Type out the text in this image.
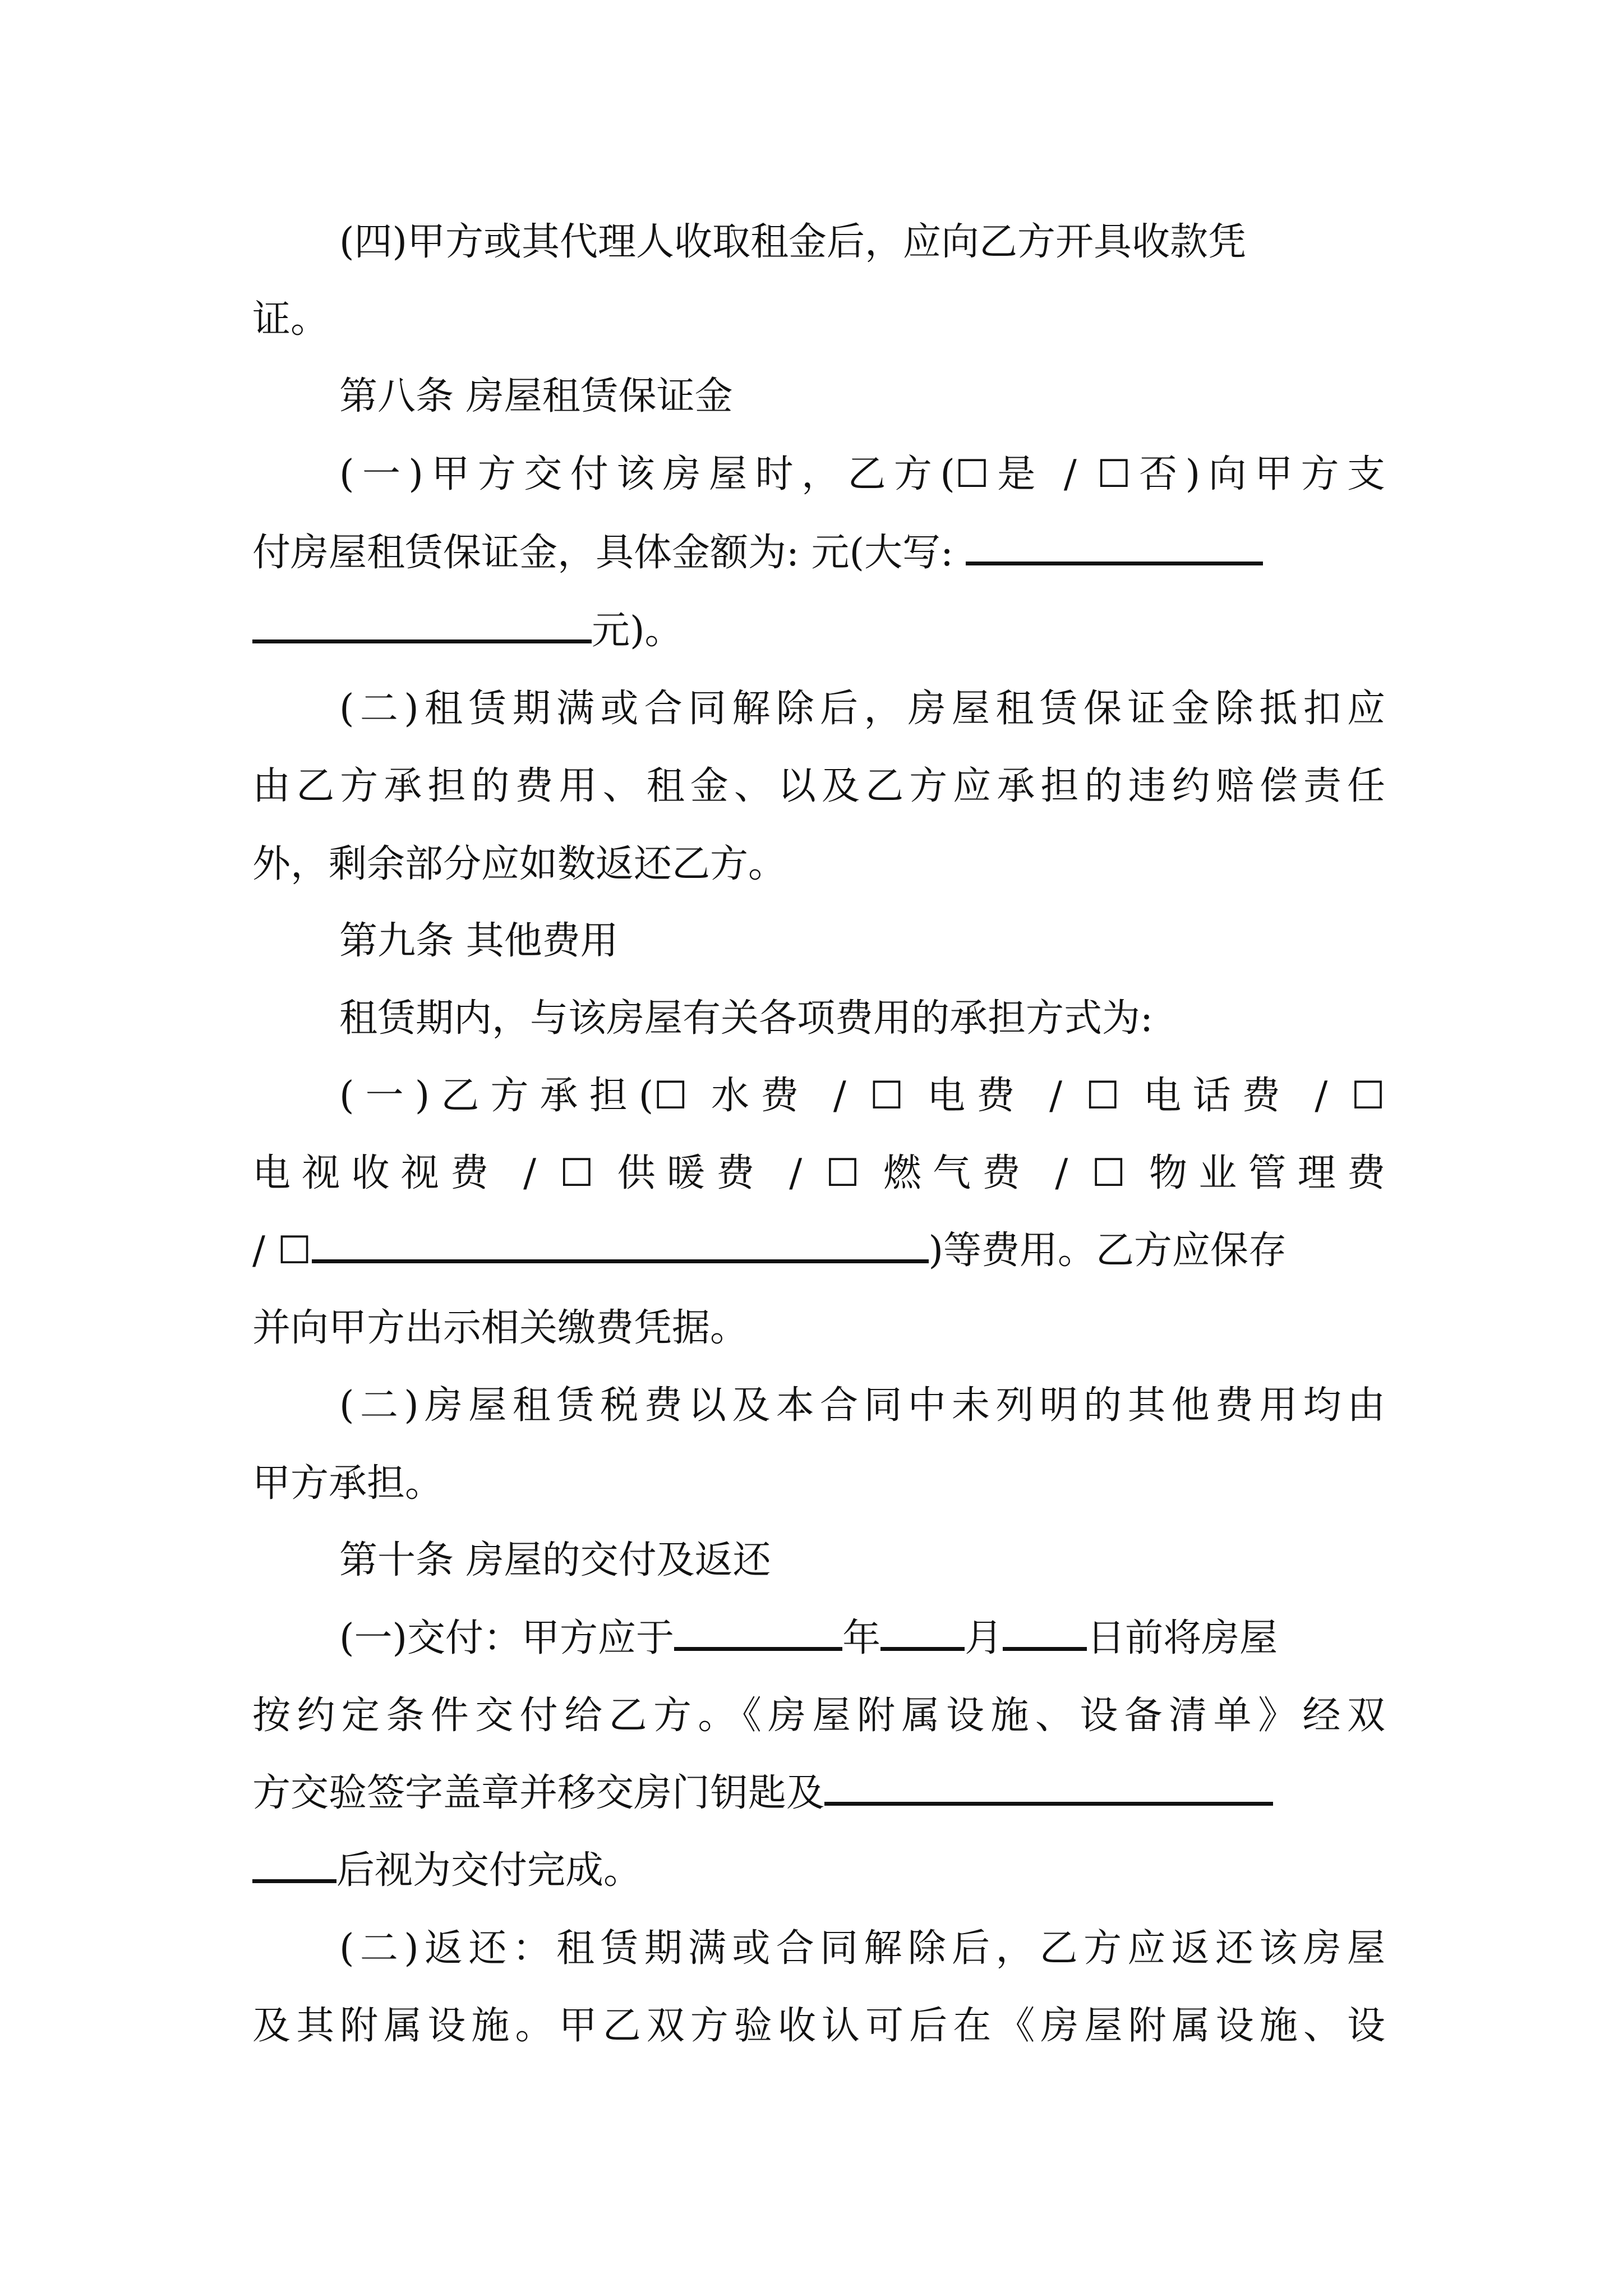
(四)甲方或其代理人收取租金后，应向乙方开具收款凭
证。
第八条 房屋租赁保证金
(一)甲方交付该房屋时，乙方(☐是 / ☐否)向甲方支
付房屋租赁保证金，具体金额为: 元(大写:
元)。
(二)租赁期满或合同解除后，房屋租赁保证金除抵扣应
由乙方承担的费用、租金、以及乙方应承担的违约赔偿责任
外，剩余部分应如数返还乙方。
第九条 其他费用
租赁期内，与该房屋有关各项费用的承担方式为:
(一)乙方承担(☐ 水费 / ☐ 电费 / ☐ 电话费 / ☐
电视收视费 / ☐ 供暖费 / ☐ 燃气费 / ☐ 物业管理费
/ ☐	)等费用。乙方应保存
并向甲方出示相关缴费凭据。
(二)房屋租赁税费以及本合同中未列明的其他费用均由
甲方承担。
第十条 房屋的交付及返还
(一)交付：甲方应于	年 月 日前将房屋
按约定条件交付给乙方。《房屋附属设施、设备清单》经双
方交验签字盖章并移交房门钥匙及
后视为交付完成。
(二)返还：租赁期满或合同解除后，乙方应返还该房屋
及其附属设施。甲乙双方验收认可后在《房屋附属设施、设
